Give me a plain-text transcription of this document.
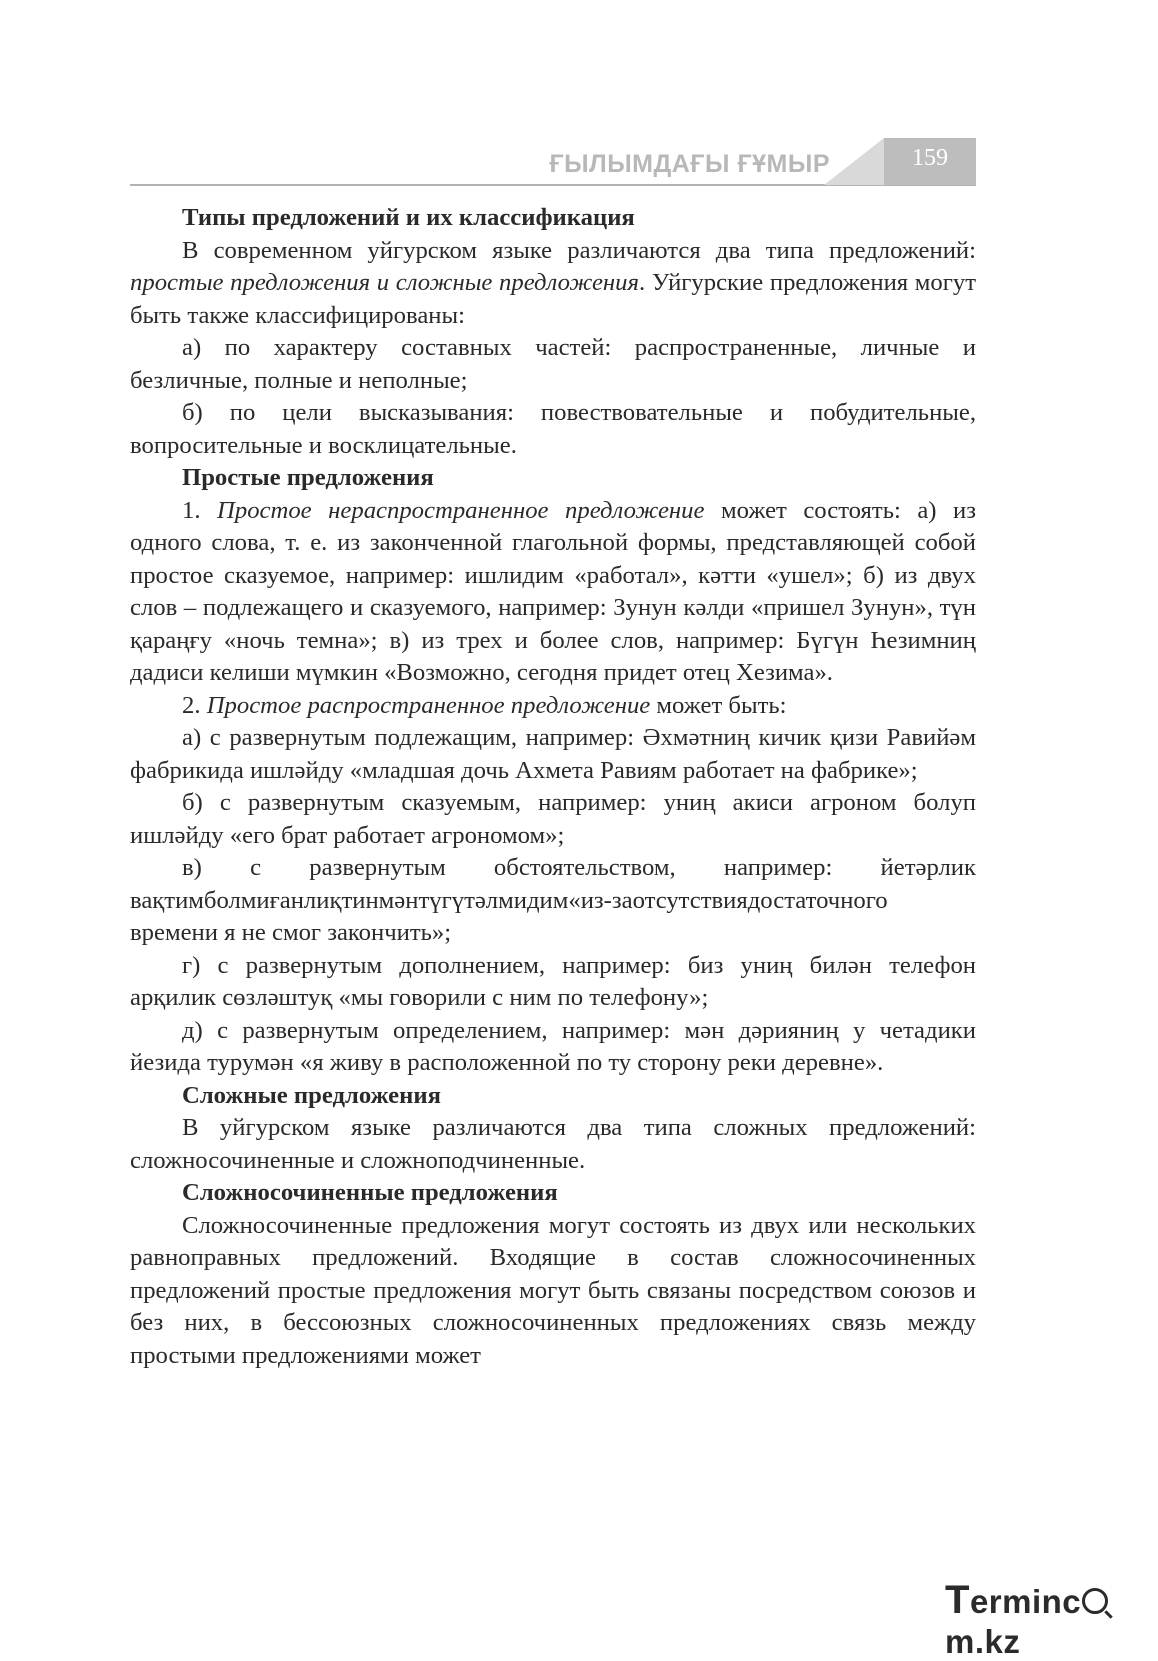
ҒЫЛЫМДАҒЫ ҒҰМЫР	159

Типы предложений и их классификация

В современном уйгурском языке различаются два типа предложений: простые предложения и сложные предложения. Уйгурские предложения могут быть также классифицированы:

а) по характеру составных частей: распространенные, личные и безличные, полные и неполные;

б) по цели высказывания: повествовательные и побудительные, вопросительные и восклицательные.

Простые предложения

1. Простое нераспространенное предложение может состоять: а) из одного слова, т. е. из законченной глагольной формы, представляющей собой простое сказуемое, например: ишлидим «работал», кәтти «ушел»; б) из двух слов – подлежащего и сказуемого, например: Зунун кәлди «пришел Зунун», түн қараңғу «ночь темна»; в) из трех и более слов, например: Бүгүн Һезимниң дадиси келиши мүмкин «Возможно, сегодня придет отец Хезима».

2. Простое распространенное предложение может быть:

а) с развернутым подлежащим, например: Әхмәтниң кичик қизи Равийәм фабрикида ишләйду «младшая дочь Ахмета Равиям работает на фабрике»;

б) с развернутым сказуемым, например: униң акиси агроном болуп ишләйду «его брат работает агрономом»;

в) с развернутым обстоятельством, например: йетәрлик вақтимболмиғанлиқтинмәнтүгүтәлмидим«из-заотсутствиядостаточного времени я не смог закончить»;

г) с развернутым дополнением, например: биз униң билән телефон арқилик сөзләштуқ «мы говорили с ним по телефону»;

д) с развернутым определением, например: мән дәрияниң у четадики йезида турумән «я живу в расположенной по ту сторону реки деревне».

Сложные предложения

В уйгурском языке различаются два типа сложных предложений: сложносочиненные и сложноподчиненные.

Сложносочиненные предложения

Сложносочиненные предложения могут состоять из двух или нескольких равноправных предложений. Входящие в состав сложносочиненных предложений простые предложения могут быть связаны посредством союзов и без них, в бессоюзных сложносочиненных предложениях связь между простыми предложениями может

Termincm.kz
